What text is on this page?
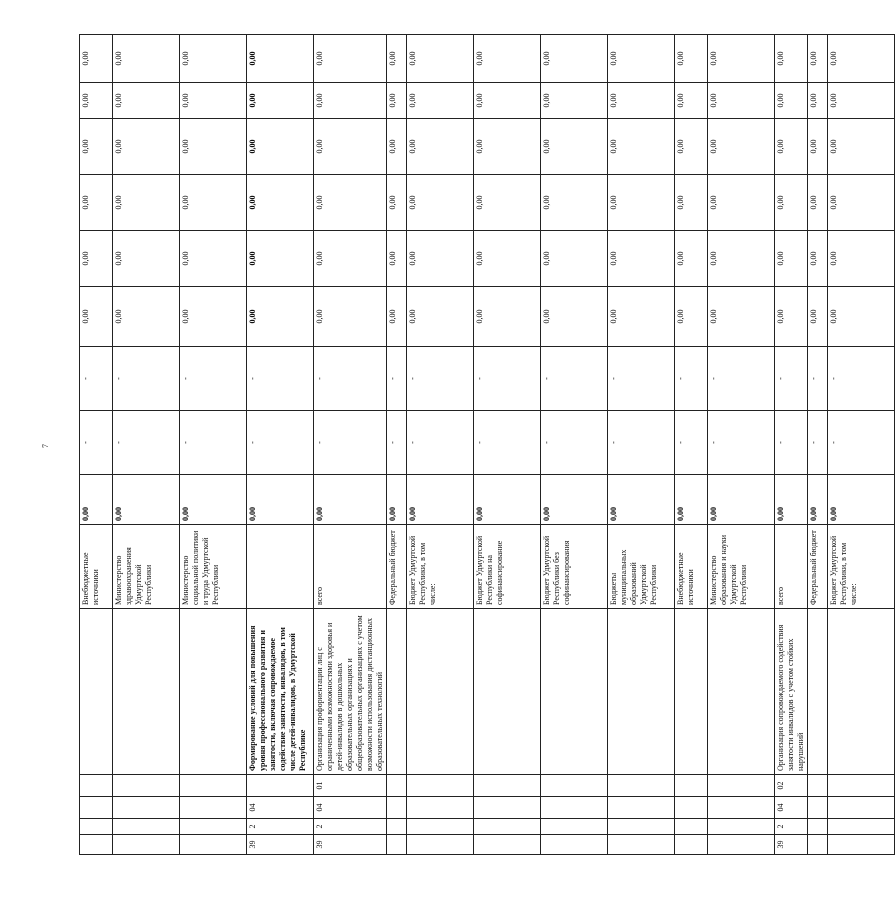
7
					Внебюджетные источники	0,00	-	-	0,00	0,00	0,00	0,00	0,00	0,00
					Министерство здравоохранения Удмуртской Республики	0,00	-	-	0,00	0,00	0,00	0,00	0,00	0,00
					Министерство социальной политики и труда Удмуртской Республики	0,00	-	-	0,00	0,00	0,00	0,00	0,00	0,00
39	2	04		Формирование условий для повышения уровня профессионального развития и занятости, включая сопровождаемое содействие занятости, инвалидов, в том числе детей-инвалидов, в Удмуртской Республике		0,00	-	-	0,00	0,00	0,00	0,00	0,00	0,00
39	2	04	01	Организация профориентации лиц с ограниченными возможностями здоровья и детей-инвалидов в дошкольных образовательных организациях и общеобразовательных организациях с учетом возможности использования дистанционных образовательных технологий	всего	0,00	-	-	0,00	0,00	0,00	0,00	0,00	0,00
					Федеральный бюджет	0,00	-	-	0,00	0,00	0,00	0,00	0,00	0,00
					Бюджет Удмуртской Республики, в том числе:	0,00	-	-	0,00	0,00	0,00	0,00	0,00	0,00
					Бюджет Удмуртской Республики на софинансирование	0,00	-	-	0,00	0,00	0,00	0,00	0,00	0,00
					Бюджет Удмуртской Республики без софинансирования	0,00	-	-	0,00	0,00	0,00	0,00	0,00	0,00
					Бюджеты муниципальных образований Удмуртской Республики	0,00	-	-	0,00	0,00	0,00	0,00	0,00	0,00
					Внебюджетные источники	0,00	-	-	0,00	0,00	0,00	0,00	0,00	0,00
					Министерство образования и науки Удмуртской Республики	0,00	-	-	0,00	0,00	0,00	0,00	0,00	0,00
39	2	04	02	Организация сопровождаемого содействия занятости инвалидов с учетом стойких нарушений	всего	0,00	-	-	0,00	0,00	0,00	0,00	0,00	0,00
					Федеральный бюджет	0,00	-	-	0,00	0,00	0,00	0,00	0,00	0,00
					Бюджет Удмуртской Республики, в том числе:	0,00	-	-	0,00	0,00	0,00	0,00	0,00	0,00
